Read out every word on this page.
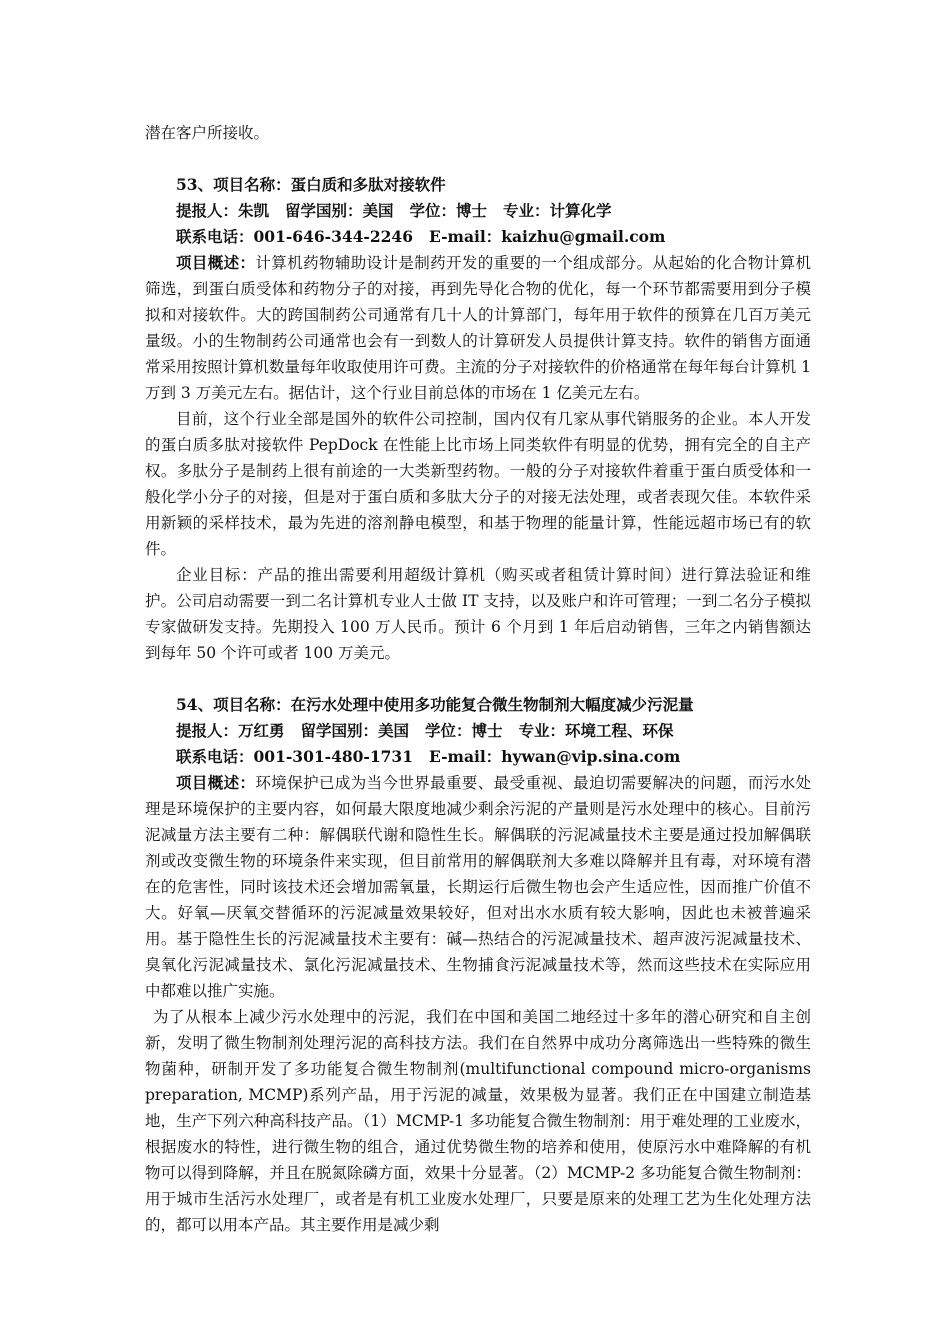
潜在客户所接收。

53、项目名称：蛋白质和多肽对接软件

提报人：朱凯 留学国别：美国 学位：博士 专业：计算化学

联系电话：001-646-344-2246 E-mail：kaizhu@gmail.com

项目概述：计算机药物辅助设计是制药开发的重要的一个组成部分。从起始的化合物计算机筛选，到蛋白质受体和药物分子的对接，再到先导化合物的优化，每一个环节都需要用到分子模拟和对接软件。大的跨国制药公司通常有几十人的计算部门，每年用于软件的预算在几百万美元量级。小的生物制药公司通常也会有一到数人的计算研发人员提供计算支持。软件的销售方面通常采用按照计算机数量每年收取使用许可费。主流的分子对接软件的价格通常在每年每台计算机 1 万到 3 万美元左右。据估计，这个行业目前总体的市场在 1 亿美元左右。

目前，这个行业全部是国外的软件公司控制，国内仅有几家从事代销服务的企业。本人开发的蛋白质多肽对接软件 PepDock 在性能上比市场上同类软件有明显的优势，拥有完全的自主产权。多肽分子是制药上很有前途的一大类新型药物。一般的分子对接软件着重于蛋白质受体和一般化学小分子的对接，但是对于蛋白质和多肽大分子的对接无法处理，或者表现欠佳。本软件采用新颖的采样技术，最为先进的溶剂静电模型，和基于物理的能量计算，性能远超市场已有的软件。

企业目标：产品的推出需要利用超级计算机（购买或者租赁计算时间）进行算法验证和维护。公司启动需要一到二名计算机专业人士做 IT 支持，以及账户和许可管理；一到二名分子模拟专家做研发支持。先期投入 100 万人民币。预计 6 个月到 1 年后启动销售，三年之内销售额达到每年 50 个许可或者 100 万美元。

54、项目名称：在污水处理中使用多功能复合微生物制剂大幅度减少污泥量

提报人：万红勇 留学国别：美国 学位：博士 专业：环境工程、环保

联系电话：001-301-480-1731 E-mail：hywan@vip.sina.com

项目概述：环境保护已成为当今世界最重要、最受重视、最迫切需要解决的问题，而污水处理是环境保护的主要内容，如何最大限度地减少剩余污泥的产量则是污水处理中的核心。目前污泥减量方法主要有二种：解偶联代谢和隐性生长。解偶联的污泥减量技术主要是通过投加解偶联剂或改变微生物的环境条件来实现，但目前常用的解偶联剂大多难以降解并且有毒，对环境有潜在的危害性，同时该技术还会增加需氧量，长期运行后微生物也会产生适应性，因而推广价值不大。好氧—厌氧交替循环的污泥减量效果较好，但对出水水质有较大影响，因此也未被普遍采用。基于隐性生长的污泥减量技术主要有：碱—热结合的污泥减量技术、超声波污泥减量技术、臭氧化污泥减量技术、氯化污泥减量技术、生物捕食污泥减量技术等，然而这些技术在实际应用中都难以推广实施。

为了从根本上减少污水处理中的污泥，我们在中国和美国二地经过十多年的潜心研究和自主创新，发明了微生物制剂处理污泥的高科技方法。我们在自然界中成功分离筛选出一些特殊的微生物菌种，研制开发了多功能复合微生物制剂(multifunctional compound micro-organisms preparation, MCMP)系列产品，用于污泥的减量，效果极为显著。我们正在中国建立制造基地，生产下列六种高科技产品。（1）MCMP-1 多功能复合微生物制剂：用于难处理的工业废水，根据废水的特性，进行微生物的组合，通过优势微生物的培养和使用，使原污水中难降解的有机物可以得到降解，并且在脱氮除磷方面，效果十分显著。（2）MCMP-2 多功能复合微生物制剂：用于城市生活污水处理厂，或者是有机工业废水处理厂，只要是原来的处理工艺为生化处理方法的，都可以用本产品。其主要作用是减少剩
